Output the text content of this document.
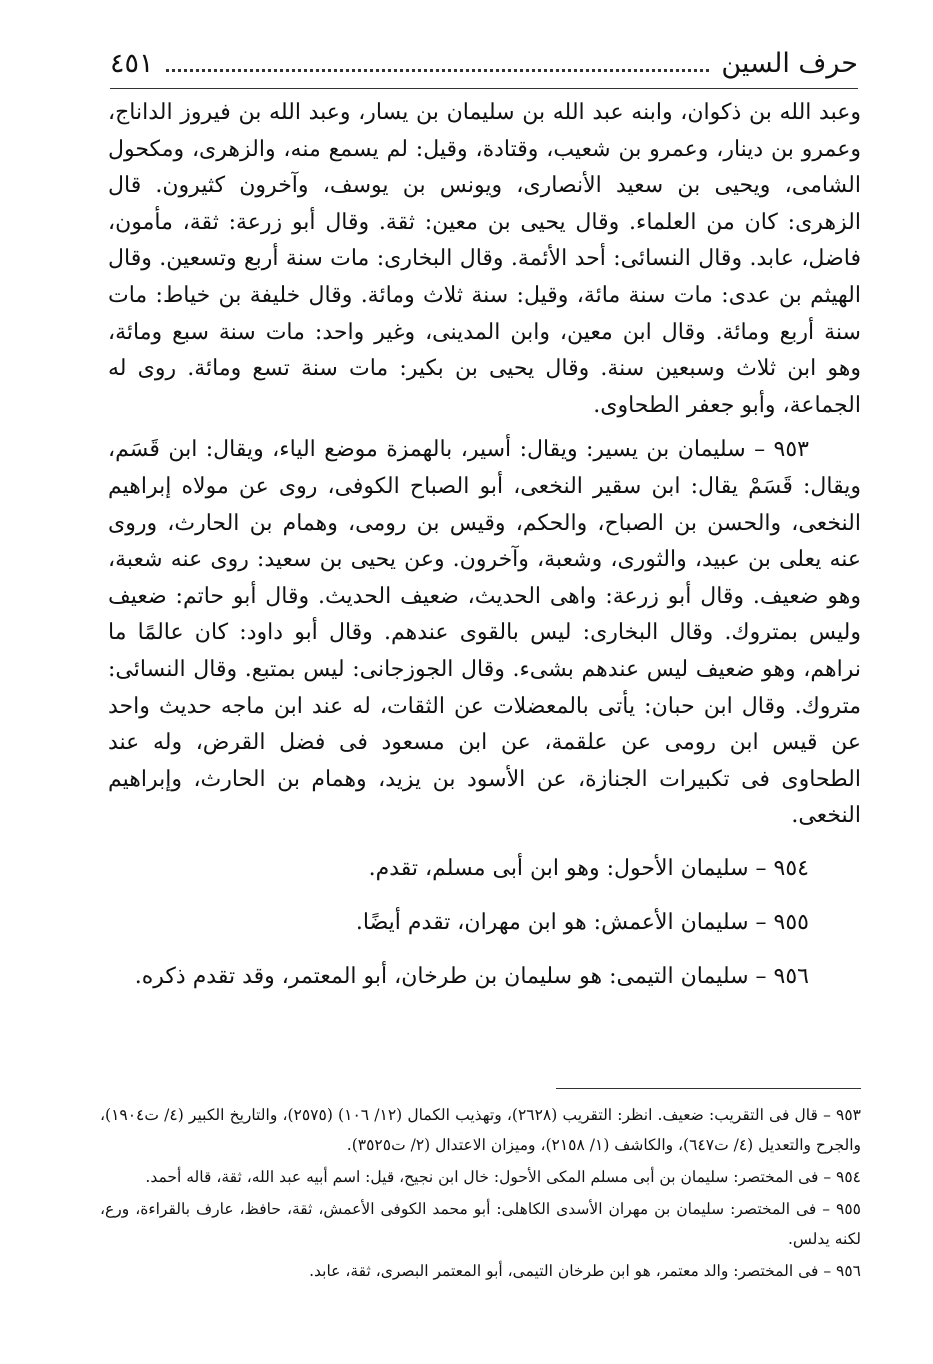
حرف السين
٤٥١

وعبد الله بن ذكوان، وابنه عبد الله بن سليمان بن يسار، وعبد الله بن فيروز الداناج، وعمرو بن دينار، وعمرو بن شعيب، وقتادة، وقيل: لم يسمع منه، والزهرى، ومكحول الشامى، ويحيى بن سعيد الأنصارى، ويونس بن يوسف، وآخرون كثيرون. قال الزهرى: كان من العلماء. وقال يحيى بن معين: ثقة. وقال أبو زرعة: ثقة، مأمون، فاضل، عابد. وقال النسائى: أحد الأئمة. وقال البخارى: مات سنة أربع وتسعين. وقال الهيثم بن عدى: مات سنة مائة، وقيل: سنة ثلاث ومائة. وقال خليفة بن خياط: مات سنة أربع ومائة. وقال ابن معين، وابن المدينى، وغير واحد: مات سنة سبع ومائة، وهو ابن ثلاث وسبعين سنة. وقال يحيى بن بكير: مات سنة تسع ومائة. روى له الجماعة، وأبو جعفر الطحاوى.

٩٥٣ – سليمان بن يسير: ويقال: أسير، بالهمزة موضع الياء، ويقال: ابن قَسَم، ويقال: قَسَمْ يقال: ابن سقير النخعى، أبو الصباح الكوفى، روى عن مولاه إبراهيم النخعى، والحسن بن الصباح، والحكم، وقيس بن رومى، وهمام بن الحارث، وروى عنه يعلى بن عبيد، والثورى، وشعبة، وآخرون. وعن يحيى بن سعيد: روى عنه شعبة، وهو ضعيف. وقال أبو زرعة: واهى الحديث، ضعيف الحديث. وقال أبو حاتم: ضعيف وليس بمتروك. وقال البخارى: ليس بالقوى عندهم. وقال أبو داود: كان عالمًا ما نراهم، وهو ضعيف ليس عندهم بشىء. وقال الجوزجانى: ليس بمتبع. وقال النسائى: متروك. وقال ابن حبان: يأتى بالمعضلات عن الثقات، له عند ابن ماجه حديث واحد عن قيس ابن رومى عن علقمة، عن ابن مسعود فى فضل القرض، وله عند الطحاوى فى تكبيرات الجنازة، عن الأسود بن يزيد، وهمام بن الحارث، وإبراهيم النخعى.

٩٥٤ – سليمان الأحول: وهو ابن أبى مسلم، تقدم.

٩٥٥ – سليمان الأعمش: هو ابن مهران، تقدم أيضًا.

٩٥٦ – سليمان التيمى: هو سليمان بن طرخان، أبو المعتمر، وقد تقدم ذكره.

٩٥٣ – قال فى التقريب: ضعيف. انظر: التقريب (٢٦٢٨)، وتهذيب الكمال (١٢/ ١٠٦) (٢٥٧٥)، والتاريخ الكبير (٤/ ت١٩٠٤)، والجرح والتعديل (٤/ ت٦٤٧)، والكاشف (١/ ٢١٥٨)، وميزان الاعتدال (٢/ ت٣٥٢٥).

٩٥٤ – فى المختصر: سليمان بن أبى مسلم المكى الأحول: خال ابن نجيح، قيل: اسم أبيه عبد الله، ثقة، قاله أحمد.

٩٥٥ – فى المختصر: سليمان بن مهران الأسدى الكاهلى: أبو محمد الكوفى الأعمش، ثقة، حافظ، عارف بالقراءة، ورع، لكنه يدلس.

٩٥٦ – فى المختصر: والد معتمر، هو ابن طرخان التيمى، أبو المعتمر البصرى، ثقة، عابد.
